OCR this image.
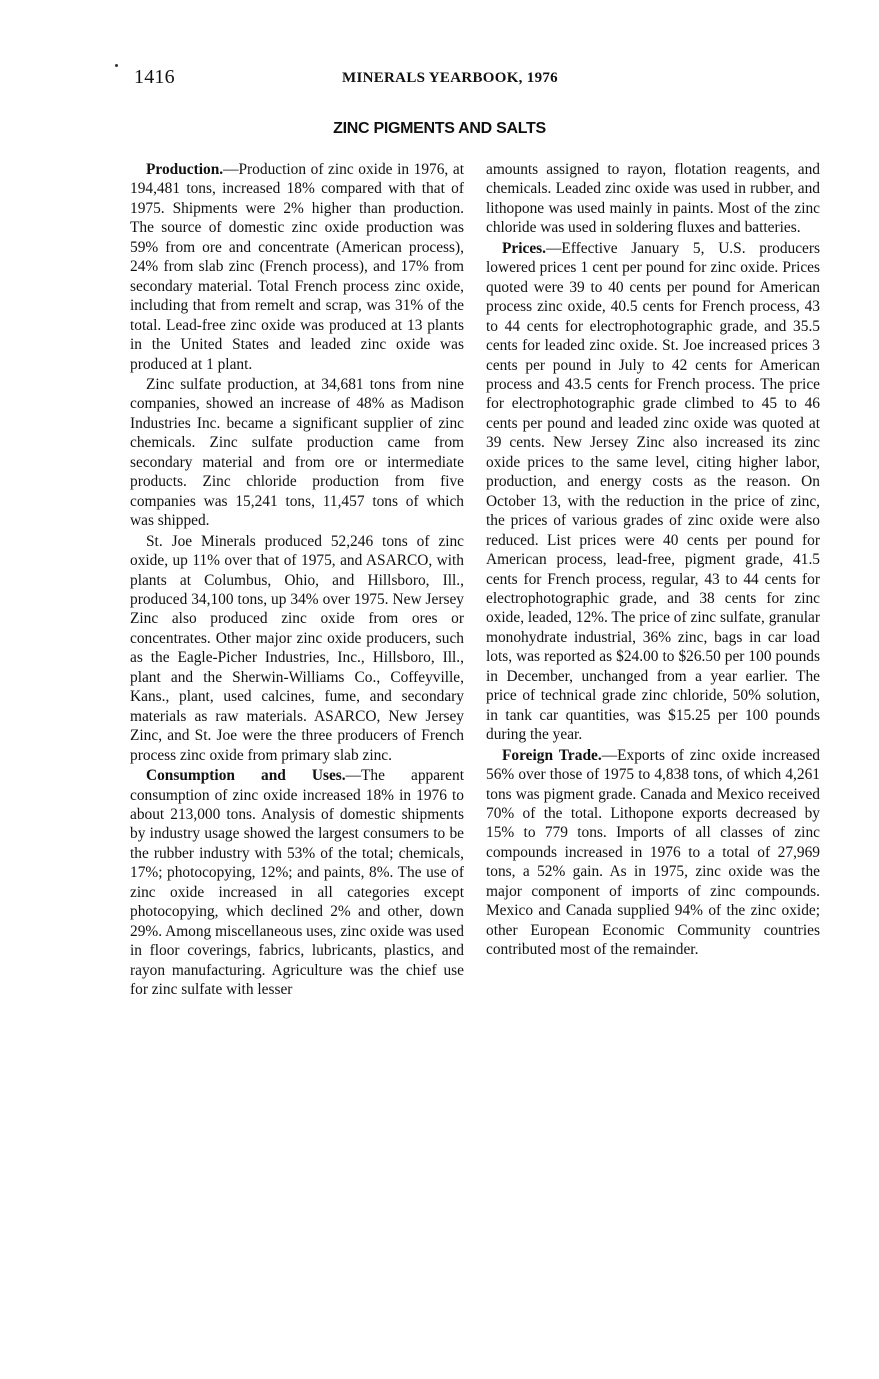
1416	MINERALS YEARBOOK, 1976
ZINC PIGMENTS AND SALTS

Production.—Production of zinc oxide in 1976, at 194,481 tons, increased 18% compared with that of 1975. Shipments were 2% higher than production. The source of domestic zinc oxide production was 59% from ore and concentrate (American process), 24% from slab zinc (French process), and 17% from secondary material. Total French process zinc oxide, including that from remelt and scrap, was 31% of the total. Lead-free zinc oxide was produced at 13 plants in the United States and leaded zinc oxide was produced at 1 plant.

Zinc sulfate production, at 34,681 tons from nine companies, showed an increase of 48% as Madison Industries Inc. became a significant supplier of zinc chemicals. Zinc sulfate production came from secondary material and from ore or intermediate products. Zinc chloride production from five companies was 15,241 tons, 11,457 tons of which was shipped.

St. Joe Minerals produced 52,246 tons of zinc oxide, up 11% over that of 1975, and ASARCO, with plants at Columbus, Ohio, and Hillsboro, Ill., produced 34,100 tons, up 34% over 1975. New Jersey Zinc also produced zinc oxide from ores or concentrates. Other major zinc oxide producers, such as the Eagle-Picher Industries, Inc., Hillsboro, Ill., plant and the Sherwin-Williams Co., Coffeyville, Kans., plant, used calcines, fume, and secondary materials as raw materials. ASARCO, New Jersey Zinc, and St. Joe were the three producers of French process zinc oxide from primary slab zinc.

Consumption and Uses.—The apparent consumption of zinc oxide increased 18% in 1976 to about 213,000 tons. Analysis of domestic shipments by industry usage showed the largest consumers to be the rubber industry with 53% of the total; chemicals, 17%; photocopying, 12%; and paints, 8%. The use of zinc oxide increased in all categories except photocopying, which declined 2% and other, down 29%. Among miscellaneous uses, zinc oxide was used in floor coverings, fabrics, lubricants, plastics, and rayon manufacturing. Agriculture was the chief use for zinc sulfate with lesser

amounts assigned to rayon, flotation reagents, and chemicals. Leaded zinc oxide was used in rubber, and lithopone was used mainly in paints. Most of the zinc chloride was used in soldering fluxes and batteries.

Prices.—Effective January 5, U.S. producers lowered prices 1 cent per pound for zinc oxide. Prices quoted were 39 to 40 cents per pound for American process zinc oxide, 40.5 cents for French process, 43 to 44 cents for electrophotographic grade, and 35.5 cents for leaded zinc oxide. St. Joe increased prices 3 cents per pound in July to 42 cents for American process and 43.5 cents for French process. The price for electrophotographic grade climbed to 45 to 46 cents per pound and leaded zinc oxide was quoted at 39 cents. New Jersey Zinc also increased its zinc oxide prices to the same level, citing higher labor, production, and energy costs as the reason. On October 13, with the reduction in the price of zinc, the prices of various grades of zinc oxide were also reduced. List prices were 40 cents per pound for American process, lead-free, pigment grade, 41.5 cents for French process, regular, 43 to 44 cents for electrophotographic grade, and 38 cents for zinc oxide, leaded, 12%. The price of zinc sulfate, granular monohydrate industrial, 36% zinc, bags in car load lots, was reported as $24.00 to $26.50 per 100 pounds in December, unchanged from a year earlier. The price of technical grade zinc chloride, 50% solution, in tank car quantities, was $15.25 per 100 pounds during the year.

Foreign Trade.—Exports of zinc oxide increased 56% over those of 1975 to 4,838 tons, of which 4,261 tons was pigment grade. Canada and Mexico received 70% of the total. Lithopone exports decreased by 15% to 779 tons. Imports of all classes of zinc compounds increased in 1976 to a total of 27,969 tons, a 52% gain. As in 1975, zinc oxide was the major component of imports of zinc compounds. Mexico and Canada supplied 94% of the zinc oxide; other European Economic Community countries contributed most of the remainder.
